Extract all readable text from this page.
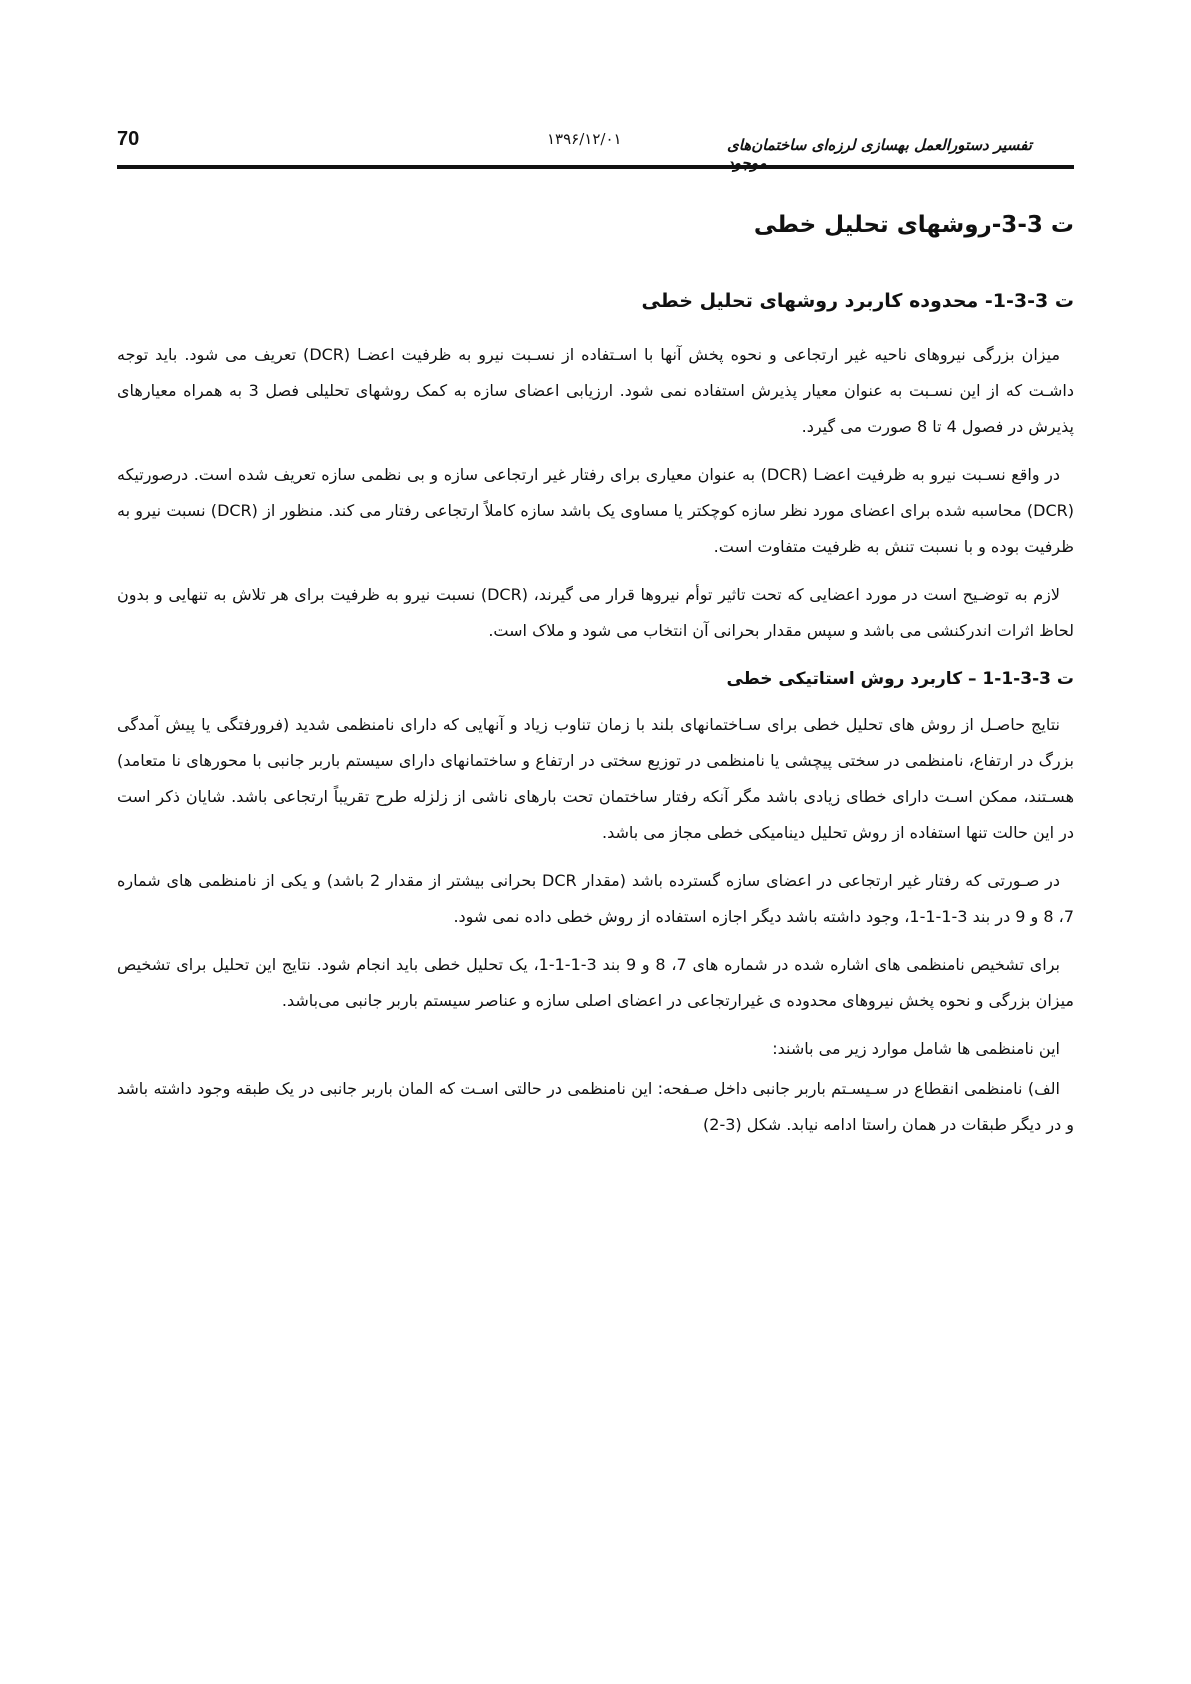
70	۱۳۹۶/۱۲/۰۱	تفسیر دستورالعمل بهسازی لرزه‌ای ساختمان‌های موجود
ت 3-3-روشهای تحلیل خطی
ت 3-3-1- محدوده کاربرد روشهای تحلیل خطی

میزان بزرگی نیروهای ناحیه غیر ارتجاعی و نحوه پخش آنها با اسـتفاده از نسـبت نیرو به ظرفیت اعضـا (DCR) تعریف می شود. باید توجه داشـت که از این نسـبت به عنوان معیار پذیرش استفاده نمی شود. ارزیابی اعضای سازه به کمک روشهای تحلیلی فصل 3 به همراه معیارهای پذیرش در فصول 4 تا 8 صورت می گیرد.

در واقع نسـبت نیرو به ظرفیت اعضـا (DCR) به عنوان معیاری برای رفتار غیر ارتجاعی سازه و بی نظمی سازه تعریف شده است. درصورتیکه (DCR) محاسبه شده برای اعضای مورد نظر سازه کوچکتر یا مساوی یک باشد سازه کاملاً ارتجاعی رفتار می کند. منظور از (DCR) نسبت نیرو به ظرفیت بوده و با نسبت تنش به ظرفیت متفاوت است.

لازم به توضـیح است در مورد اعضایی که تحت تاثیر توأم نیروها قرار می گیرند، (DCR) نسبت نیرو به ظرفیت برای هر تلاش به تنهایی و بدون لحاظ اثرات اندرکنشی می باشد و سپس مقدار بحرانی آن انتخاب می شود و ملاک است.

ت 3-3-1-1 – کاربرد روش استاتیکی خطی

نتایج حاصـل از روش های تحلیل خطی برای سـاختمانهای بلند با زمان تناوب زیاد و آنهایی که دارای نامنظمی شدید (فرورفتگی یا پیش آمدگی بزرگ در ارتفاع، نامنظمی در سختی پیچشی یا نامنظمی در توزیع سختی در ارتفاع و ساختمانهای دارای سیستم باربر جانبی با محورهای نا متعامد) هسـتند، ممکن اسـت دارای خطای زیادی باشد مگر آنکه رفتار ساختمان تحت بارهای ناشی از زلزله طرح تقریباً ارتجاعی باشد. شایان ذکر است در این حالت تنها استفاده از روش تحلیل دینامیکی خطی مجاز می باشد.

در صـورتی که رفتار غیر ارتجاعی در اعضای سازه گسترده باشد (مقدار DCR بحرانی بیشتر از مقدار 2 باشد) و یکی از نامنظمی های شماره 7، 8 و 9 در بند 3-1-1-1، وجود داشته باشد دیگر اجازه استفاده از روش خطی داده نمی شود.

برای تشخیص نامنظمی های اشاره شده در شماره های 7، 8 و 9 بند 3-1-1-1، یک تحلیل خطی باید انجام شود. نتایج این تحلیل برای تشخیص میزان بزرگی و نحوه پخش نیروهای محدوده ی غیرارتجاعی در اعضای اصلی سازه و عناصر سیستم باربر جانبی می‌باشد.

این نامنظمی ها شامل موارد زیر می باشند:

الف) نامنظمی انقطاع در سـیسـتم باربر جانبی داخل صـفحه: این نامنظمی در حالتی اسـت که المان باربر جانبی در یک طبقه وجود داشته باشد و در دیگر طبقات در همان راستا ادامه نیابد. شکل (3-2)
